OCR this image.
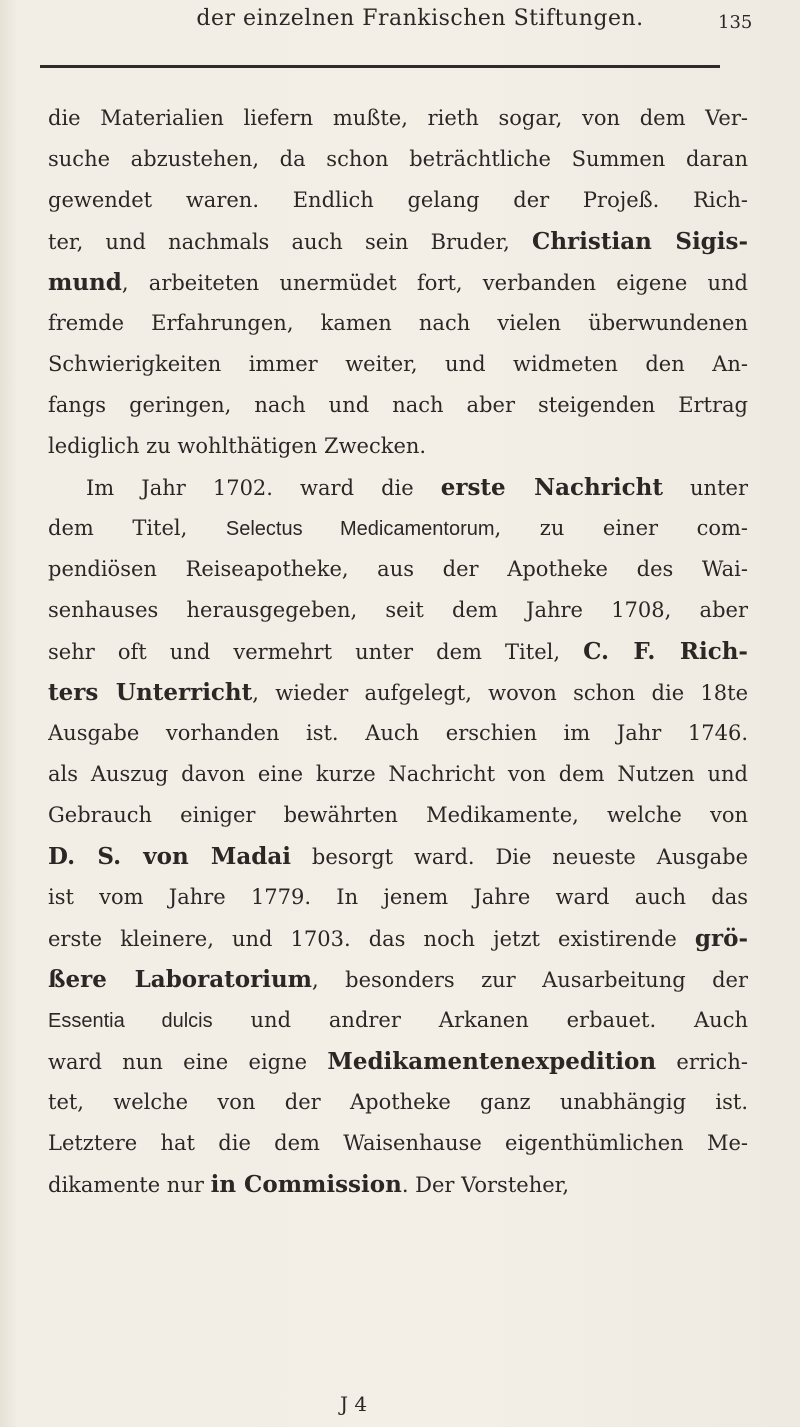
der einzelnen Frankischen Stiftungen.	135
die Materialien liefern mußte, rieth sogar, von dem Ver-
suche abzustehen, da schon beträchtliche Summen daran
gewendet waren. Endlich gelang der Projeß. Rich-
ter, und nachmals auch sein Bruder, Christian Sigis-
mund, arbeiteten unermüdet fort, verbanden eigene und
fremde Erfahrungen, kamen nach vielen überwundenen
Schwierigkeiten immer weiter, und widmeten den An-
fangs geringen, nach und nach aber steigenden Ertrag
lediglich zu wohlthätigen Zwecken.
Im Jahr 1702. ward die erste Nachricht unter
dem Titel, Selectus Medicamentorum, zu einer com-
pendiösen Reiseapotheke, aus der Apotheke des Wai-
senhauses herausgegeben, seit dem Jahre 1708, aber
sehr oft und vermehrt unter dem Titel, C. F. Rich-
ters Unterricht, wieder aufgelegt, wovon schon die 18te
Ausgabe vorhanden ist. Auch erschien im Jahr 1746.
als Auszug davon eine kurze Nachricht von dem Nutzen und
Gebrauch einiger bewährten Medikamente, welche von
D. S. von Madai besorgt ward. Die neueste Ausgabe
ist vom Jahre 1779. In jenem Jahre ward auch das
erste kleinere, und 1703. das noch jetzt existirende grö-
ßere Laboratorium, besonders zur Ausarbeitung der
Essentia dulcis und andrer Arkanen erbauet. Auch
ward nun eine eigne Medikamentenexpedition errich-
tet, welche von der Apotheke ganz unabhängig ist.
Letztere hat die dem Waisenhause eigenthümlichen Me-
dikamente nur in Commission. Der Vorsteher,
J 4
